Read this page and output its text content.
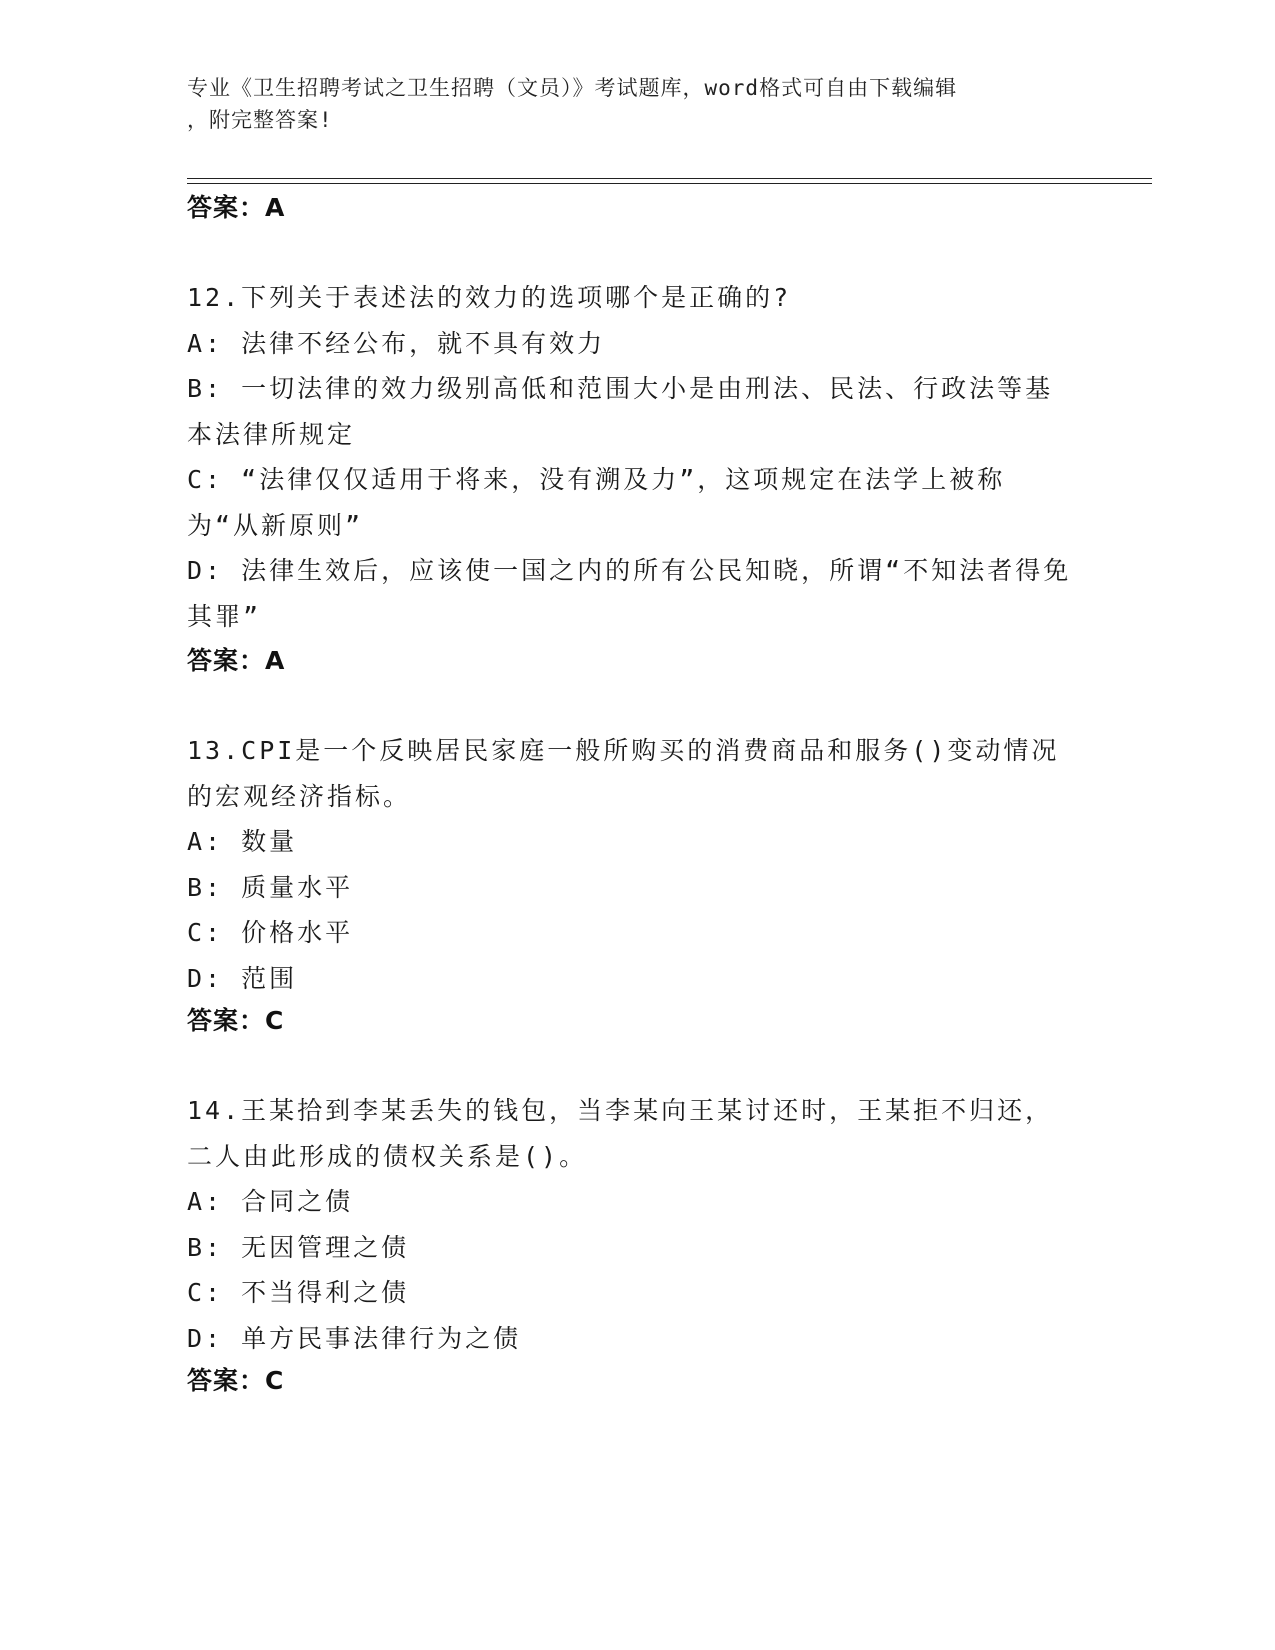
专业《卫生招聘考试之卫生招聘（文员）》考试题库，word格式可自由下载编辑
，附完整答案!
答案：A

12.下列关于表述法的效力的选项哪个是正确的?

A: 法律不经公布，就不具有效力

B: 一切法律的效力级别高低和范围大小是由刑法、民法、行政法等基本法律所规定

C: “法律仅仅适用于将来，没有溯及力”，这项规定在法学上被称为“从新原则”

D: 法律生效后，应该使一国之内的所有公民知晓，所谓“不知法者得免其罪”

答案：A

13.CPI是一个反映居民家庭一般所购买的消费商品和服务()变动情况的宏观经济指标。

A: 数量

B: 质量水平

C: 价格水平

D: 范围

答案：C

14.王某拾到李某丢失的钱包，当李某向王某讨还时，王某拒不归还，二人由此形成的债权关系是()。

A: 合同之债

B: 无因管理之债

C: 不当得利之债

D: 单方民事法律行为之债

答案：C
